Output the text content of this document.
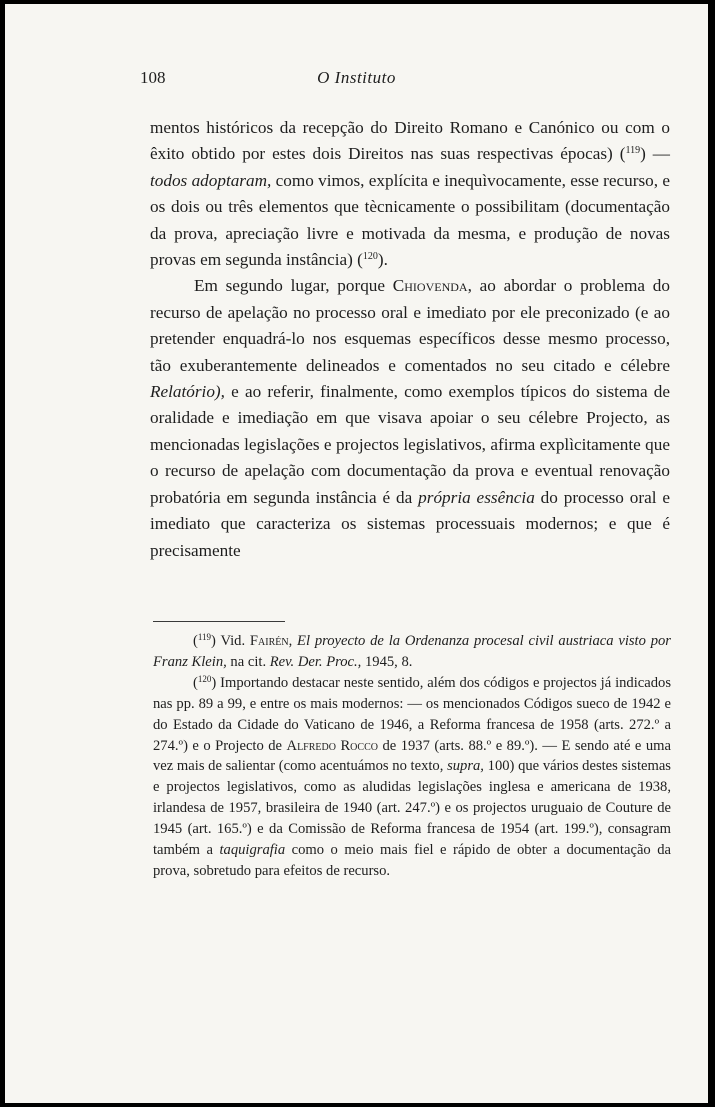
108	O Instituto

mentos históricos da recepção do Direito Romano e Canónico ou com o êxito obtido por estes dois Direitos nas suas respectivas épocas) ($^{119}$) — todos adoptaram, como vimos, explícita e inequìvocamente, esse recurso, e os dois ou três elementos que tècnicamente o possibilitam (documentação da prova, apreciação livre e motivada da mesma, e produção de novas provas em segunda instância) ($^{120}$).

Em segundo lugar, porque Chiovenda, ao abordar o problema do recurso de apelação no processo oral e imediato por ele preconizado (e ao pretender enquadrá-lo nos esquemas específicos desse mesmo processo, tão exuberantemente delineados e comentados no seu citado e célebre Relatório), e ao referir, finalmente, como exemplos típicos do sistema de oralidade e imediação em que visava apoiar o seu célebre Projecto, as mencionadas legislações e projectos legislativos, afirma explìcitamente que o recurso de apelação com documentação da prova e eventual renovação probatória em segunda instância é da própria essência do processo oral e imediato que caracteriza os sistemas processuais modernos; e que é precisamente

($^{119}$) Vid. Fairén, El proyecto de la Ordenanza procesal civil austriaca visto por Franz Klein, na cit. Rev. Der. Proc., 1945, 8.

($^{120}$) Importando destacar neste sentido, além dos códigos e projectos já indicados nas pp. 89 a 99, e entre os mais modernos: — os mencionados Códigos sueco de 1942 e do Estado da Cidade do Vaticano de 1946, a Reforma francesa de 1958 (arts. 272.º a 274.º) e o Projecto de Alfredo Rocco de 1937 (arts. 88.º e 89.º). — E sendo até e uma vez mais de salientar (como acentuámos no texto, supra, 100) que vários destes sistemas e projectos legislativos, como as aludidas legislações inglesa e americana de 1938, irlandesa de 1957, brasileira de 1940 (art. 247.º) e os projectos uruguaio de Couture de 1945 (art. 165.º) e da Comissão de Reforma francesa de 1954 (art. 199.º), consagram também a taquigrafia como o meio mais fiel e rápido de obter a documentação da prova, sobretudo para efeitos de recurso.
